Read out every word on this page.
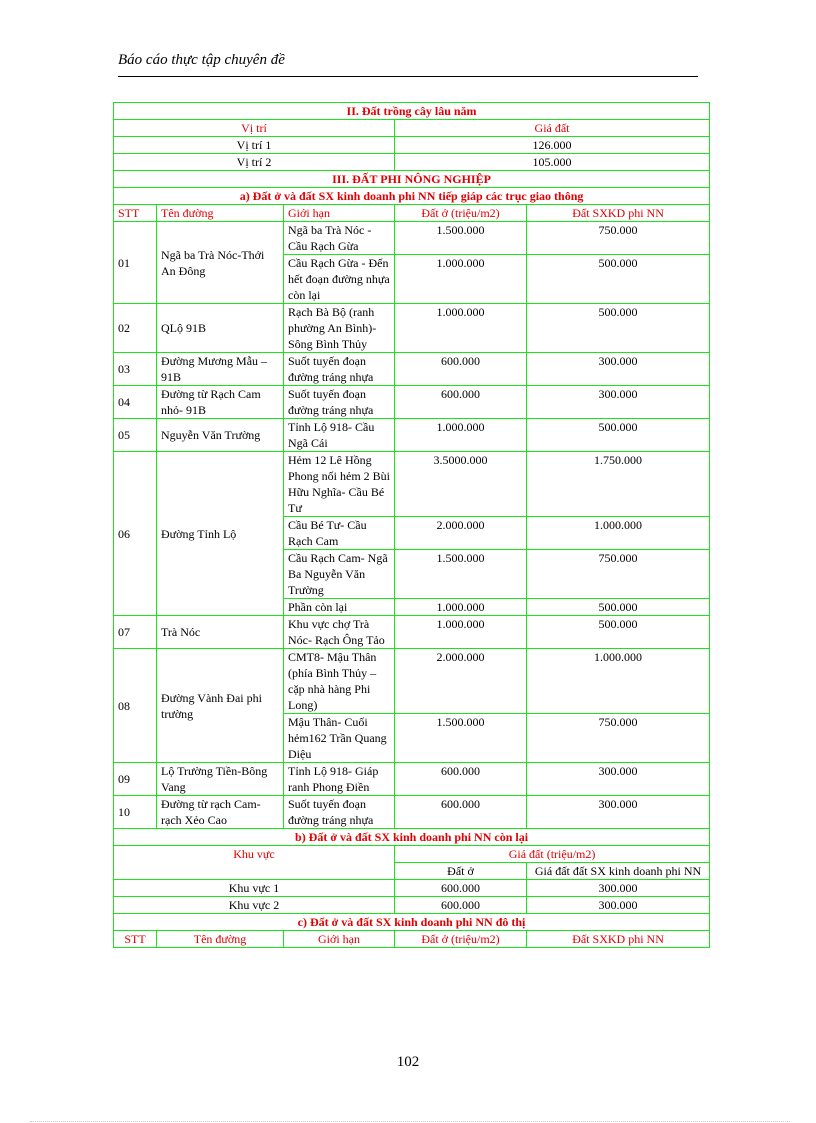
Báo cáo thực tập chuyên đề
II. Đất trồng cây lâu năm				
Vị trí			Giá đất	
Vị trí 1			126.000	
Vị trí 2			105.000	
III. ĐẤT PHI NÔNG NGHIỆP				
a) Đất ở và đất SX kinh doanh phi NN tiếp giáp các trục giao thông				
STT	Tên đường	Giới hạn	Đất ở (triệu/m2)	Đất SXKD phi NN
01	Ngã ba Trà Nóc-Thới An Đông	Ngã ba Trà Nóc - Cầu Rạch Gừa	1.500.000	750.000
		Cầu Rạch Gừa - Đến hết đoạn đường nhựa còn lại	1.000.000	500.000
02	QLộ 91B	Rạch Bà Bộ (ranh phường An Bình)- Sông Bình Thủy	1.000.000	500.000
03	Đường Mương Mẫu – 91B	Suốt tuyến đoạn đường tráng nhựa	600.000	300.000
04	Đường từ Rạch Cam nhỏ- 91B	Suốt tuyến đoạn đường tráng nhựa	600.000	300.000
05	Nguyễn Văn Trường	Tỉnh Lộ 918- Cầu Ngã Cái	1.000.000	500.000
06	Đường Tỉnh Lộ	Hẻm 12 Lê Hồng Phong nối hẻm 2 Bùi Hữu Nghĩa- Cầu Bé Tư	3.5000.000	1.750.000
		Cầu Bé Tư- Cầu Rạch Cam	2.000.000	1.000.000
		Cầu Rạch Cam- Ngã Ba Nguyễn Văn Trường	1.500.000	750.000
		Phần còn lại	1.000.000	500.000
07	Trà Nóc	Khu vực chợ Trà Nóc- Rạch Ông Tảo	1.000.000	500.000
08	Đường Vành Đai phi trường	CMT8- Mậu Thân (phía Bình Thủy – cặp nhà hàng Phi Long)	2.000.000	1.000.000
		Mậu Thân- Cuối hẻm162 Trần Quang Diệu	1.500.000	750.000
09	Lộ Trường Tiền-Bông Vang	Tỉnh Lộ 918- Giáp ranh Phong Điền	600.000	300.000
10	Đường từ rạch Cam-rạch Xẻo Cao	Suốt tuyến đoạn đường tráng nhựa	600.000	300.000
b) Đất ở và đất SX kinh doanh phi NN còn lại				
Khu vực			Giá đất (triệu/m2)	
			Đất ở	Giá đất đất SX kinh doanh phi NN
Khu vực 1			600.000	300.000
Khu vực 2			600.000	300.000
c) Đất ở và đất SX kinh doanh phi NN đô thị				
STT	Tên đường	Giới hạn	Đất ở (triệu/m2)	Đất SXKD phi NN
102
